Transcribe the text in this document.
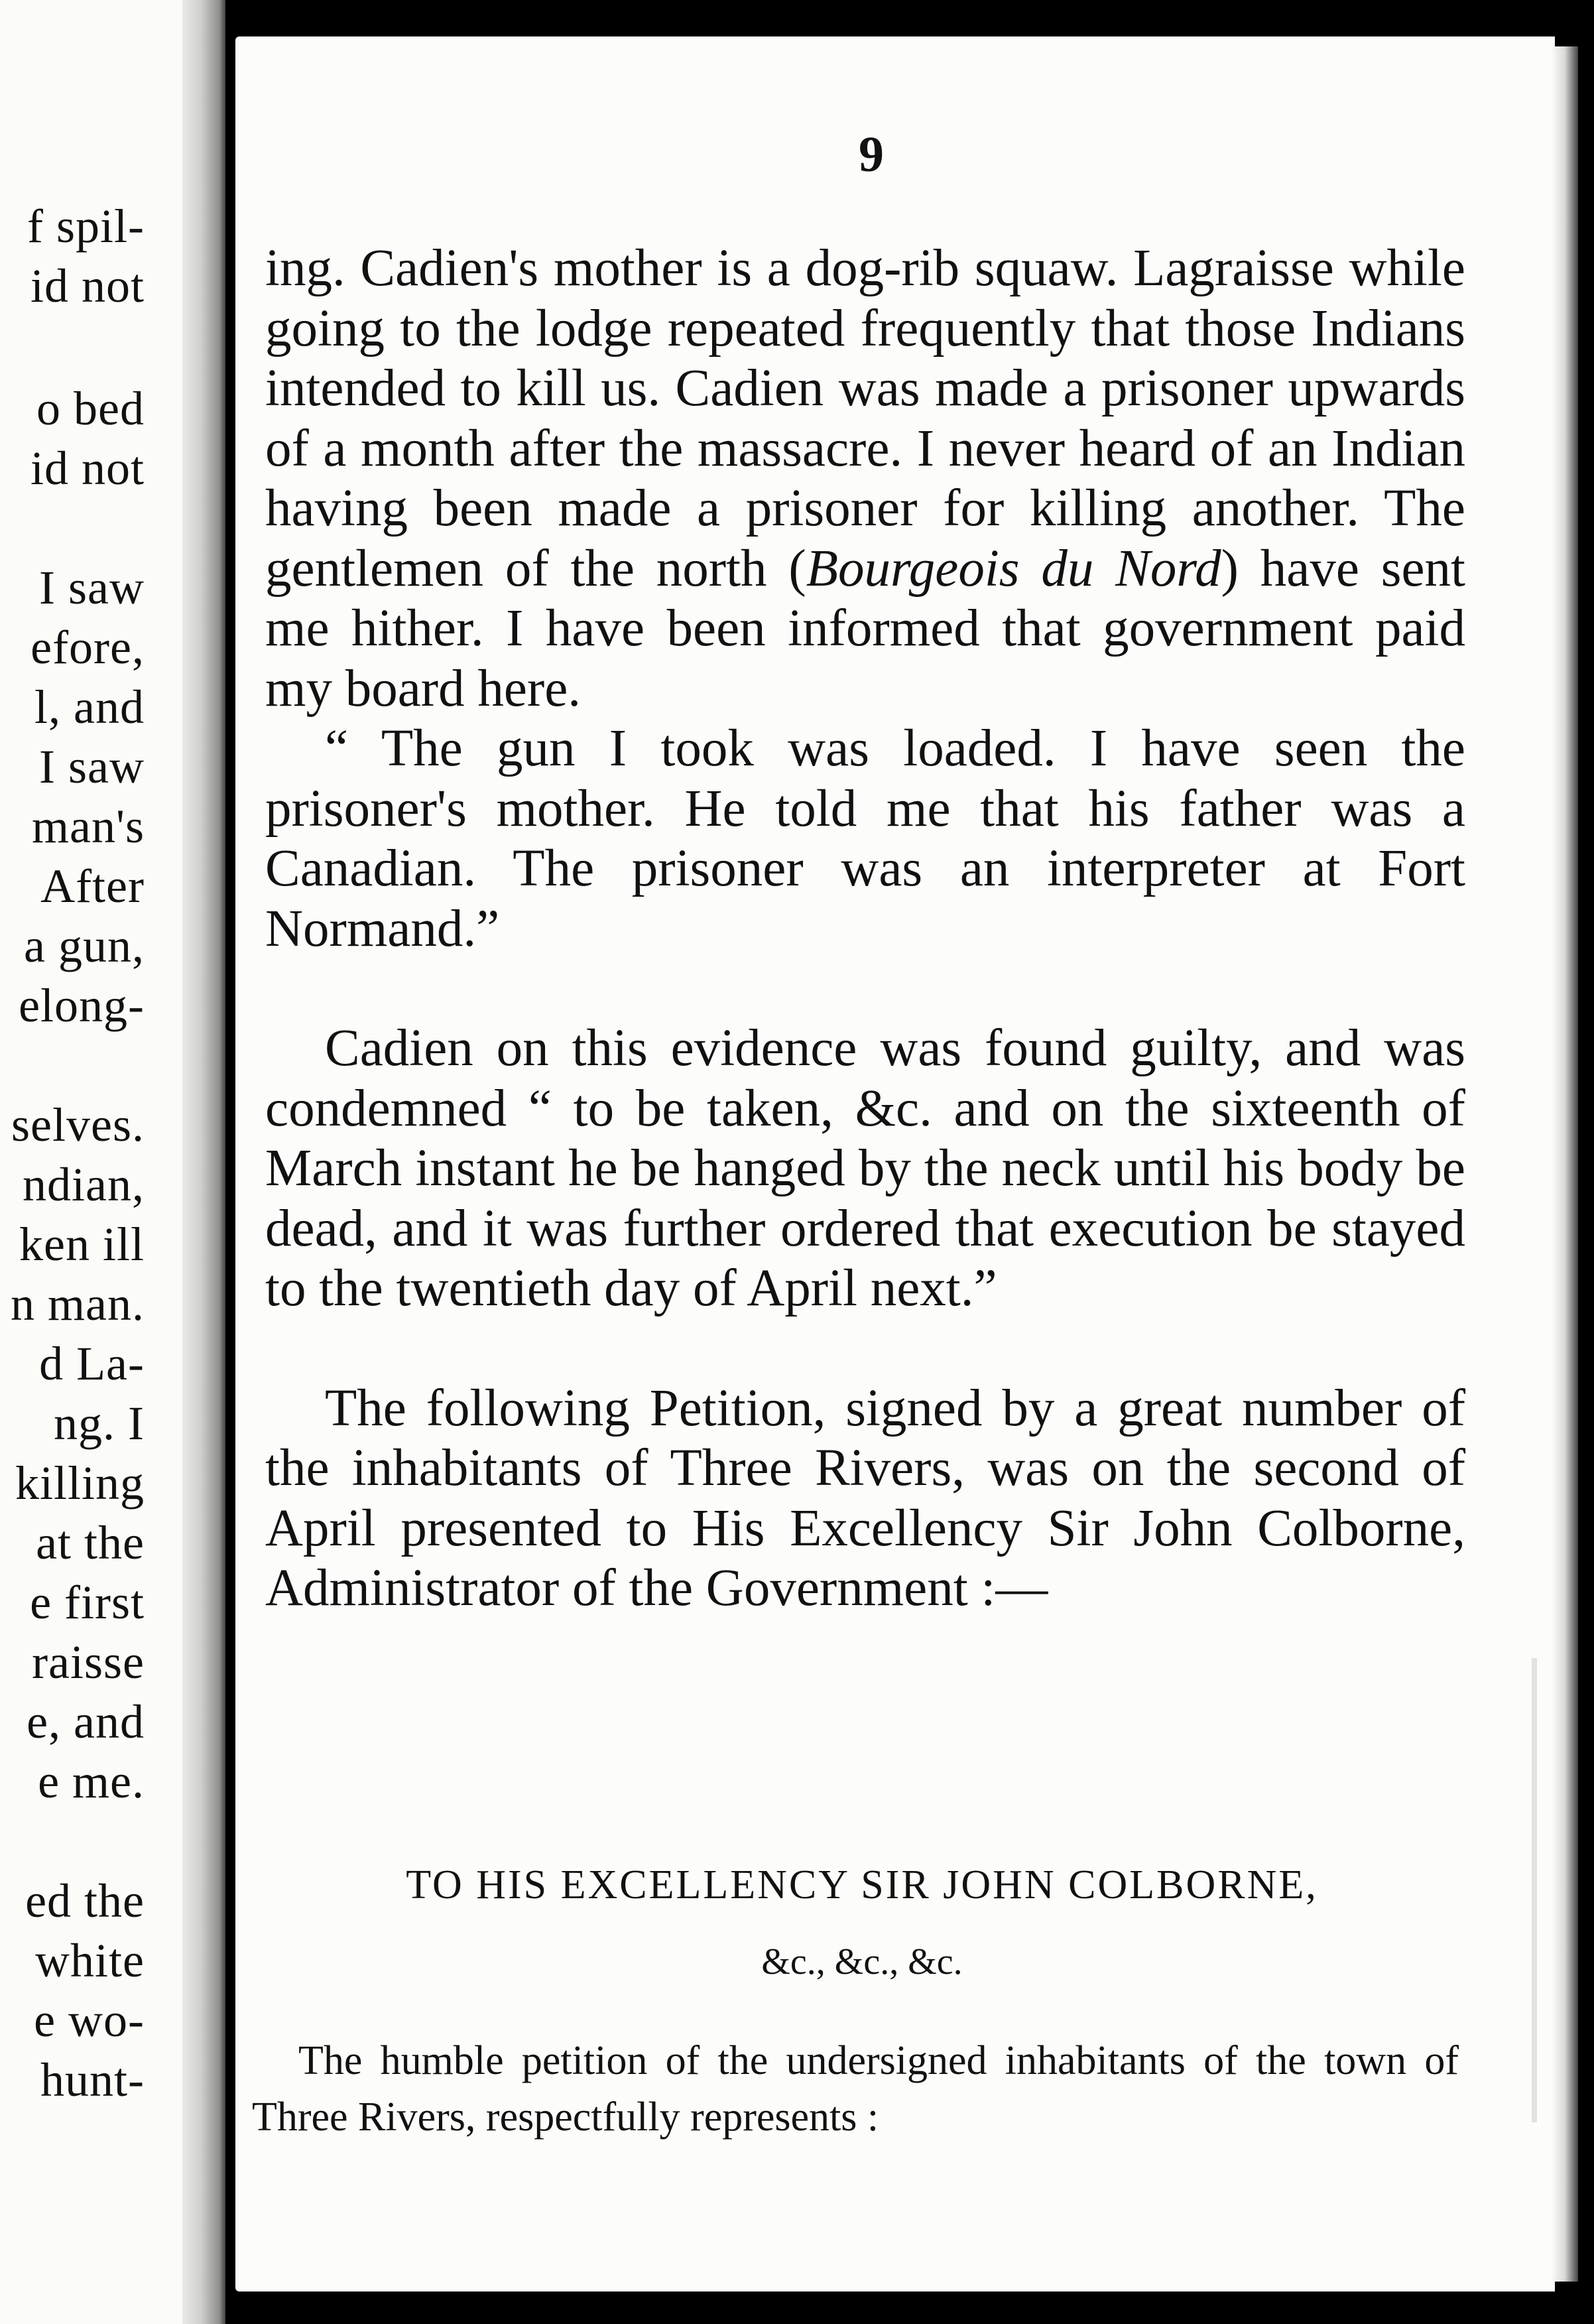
f spil-
id not
o bed
id not
I saw
efore,
l, and
I saw
man's
After
a gun,
elong-
selves.
ndian,
ken ill
n man.
d La-
ng. I
killing
at the
e first
raisse
e, and
e me.
ed the
white
e wo-
hunt-
9

ing. Cadien's mother is a dog-rib squaw. Lagraisse while going to the lodge repeated frequently that those Indians intended to kill us. Cadien was made a prisoner upwards of a month after the massacre. I never heard of an Indian having been made a prisoner for killing another. The gentlemen of the north (Bourgeois du Nord) have sent me hither. I have been informed that government paid my board here.

“ The gun I took was loaded. I have seen the prisoner's mother. He told me that his father was a Canadian. The prisoner was an interpreter at Fort Normand.”

Cadien on this evidence was found guilty, and was condemned “ to be taken, &c. and on the sixteenth of March instant he be hanged by the neck until his body be dead, and it was further ordered that execution be stayed to the twentieth day of April next.”

The following Petition, signed by a great number of the inhabitants of Three Rivers, was on the second of April presented to His Excellency Sir John Colborne, Administrator of the Government :—

TO HIS EXCELLENCY SIR JOHN COLBORNE,
&c., &c., &c.

The humble petition of the undersigned inhabitants of the town of Three Rivers, respectfully represents :
